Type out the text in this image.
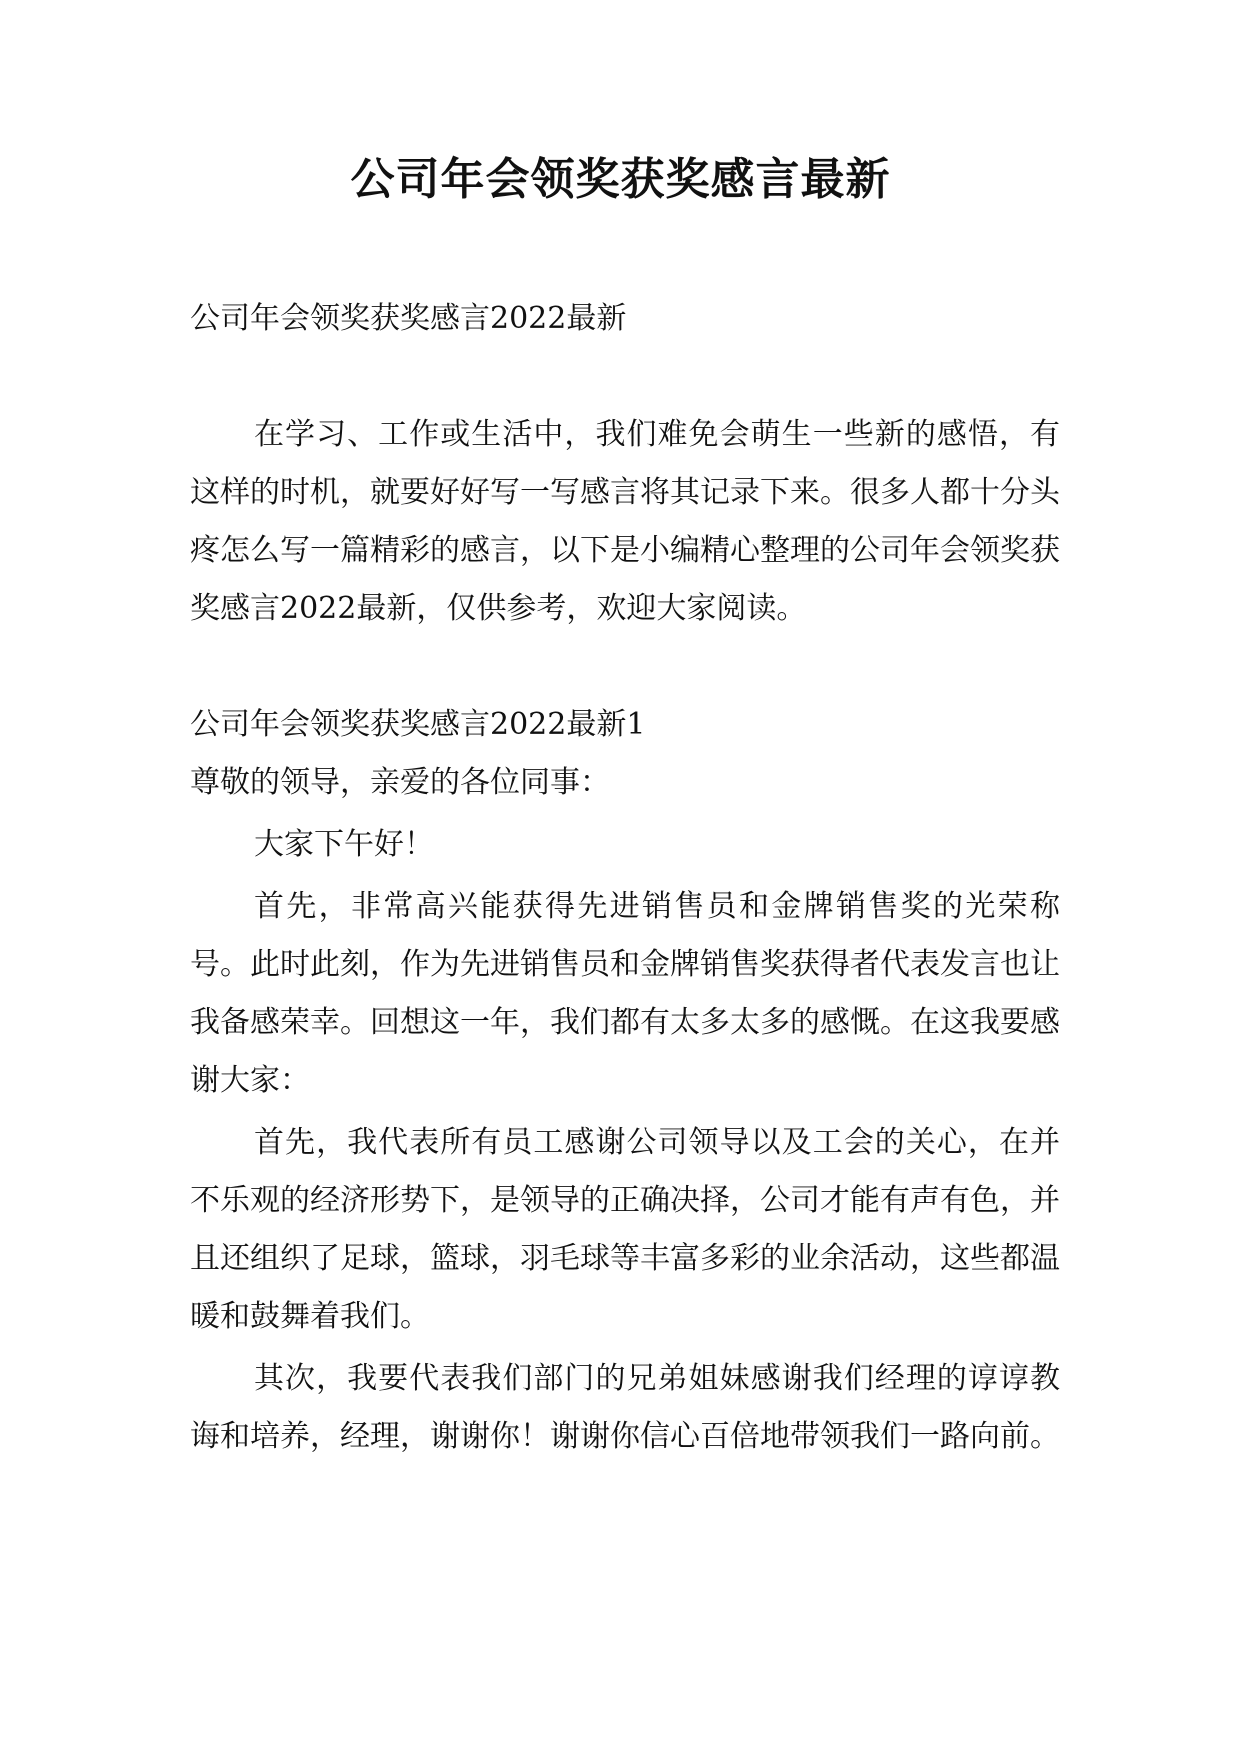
公司年会领奖获奖感言最新

公司年会领奖获奖感言2022最新

在学习、工作或生活中，我们难免会萌生一些新的感悟，有这样的时机，就要好好写一写感言将其记录下来。很多人都十分头疼怎么写一篇精彩的感言，以下是小编精心整理的公司年会领奖获奖感言2022最新，仅供参考，欢迎大家阅读。

公司年会领奖获奖感言2022最新1

尊敬的领导，亲爱的各位同事：

大家下午好！

首先，非常高兴能获得先进销售员和金牌销售奖的光荣称号。此时此刻，作为先进销售员和金牌销售奖获得者代表发言也让我备感荣幸。回想这一年，我们都有太多太多的感慨。在这我要感谢大家：

首先，我代表所有员工感谢公司领导以及工会的关心，在并不乐观的经济形势下，是领导的正确决择，公司才能有声有色，并且还组织了足球，篮球，羽毛球等丰富多彩的业余活动，这些都温暖和鼓舞着我们。

其次，我要代表我们部门的兄弟姐妹感谢我们经理的谆谆教诲和培养，经理，谢谢你！谢谢你信心百倍地带领我们一路向前。
